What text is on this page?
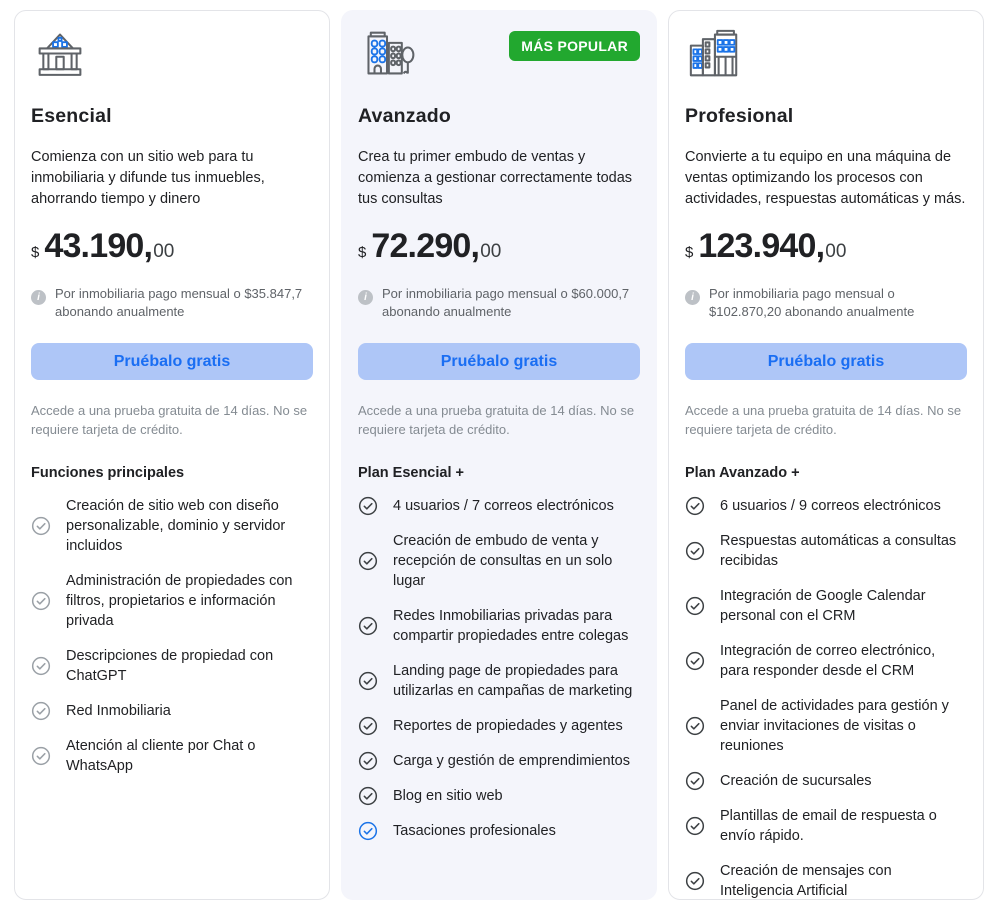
Esencial

Comienza con un sitio web para tu inmobiliaria y difunde tus inmuebles, ahorrando tiempo y dinero

$ 43.190, 00
i	Por inmobiliaria pago mensual o $35.847,7 abonando anualmente
Pruébalo gratis

Accede a una prueba gratuita de 14 días. No se requiere tarjeta de crédito.

Funciones principales
Creación de sitio web con diseño personalizable, dominio y servidor incluidos
Administración de propiedades con filtros, propietarios e información privada
Descripciones de propiedad con ChatGPT
Red Inmobiliaria
Atención al cliente por Chat o WhatsApp
MÁS POPULAR
Avanzado

Crea tu primer embudo de ventas y comienza a gestionar correctamente todas tus consultas

$ 72.290, 00
i	Por inmobiliaria pago mensual o $60.000,7 abonando anualmente
Pruébalo gratis

Accede a una prueba gratuita de 14 días. No se requiere tarjeta de crédito.

Plan Esencial +
4 usuarios / 7 correos electrónicos
Creación de embudo de venta y recepción de consultas en un solo lugar
Redes Inmobiliarias privadas para compartir propiedades entre colegas
Landing page de propiedades para utilizarlas en campañas de marketing
Reportes de propiedades y agentes
Carga y gestión de emprendimientos
Blog en sitio web
Tasaciones profesionales
Profesional

Convierte a tu equipo en una máquina de ventas optimizando los procesos con actividades, respuestas automáticas y más.

$ 123.940, 00
i	Por inmobiliaria pago mensual o $102.870,20 abonando anualmente
Pruébalo gratis

Accede a una prueba gratuita de 14 días. No se requiere tarjeta de crédito.

Plan Avanzado +
6 usuarios / 9 correos electrónicos
Respuestas automáticas a consultas recibidas
Integración de Google Calendar personal con el CRM
Integración de correo electrónico, para responder desde el CRM
Panel de actividades para gestión y enviar invitaciones de visitas o reuniones
Creación de sucursales
Plantillas de email de respuesta o envío rápido.
Creación de mensajes con Inteligencia Artificial
